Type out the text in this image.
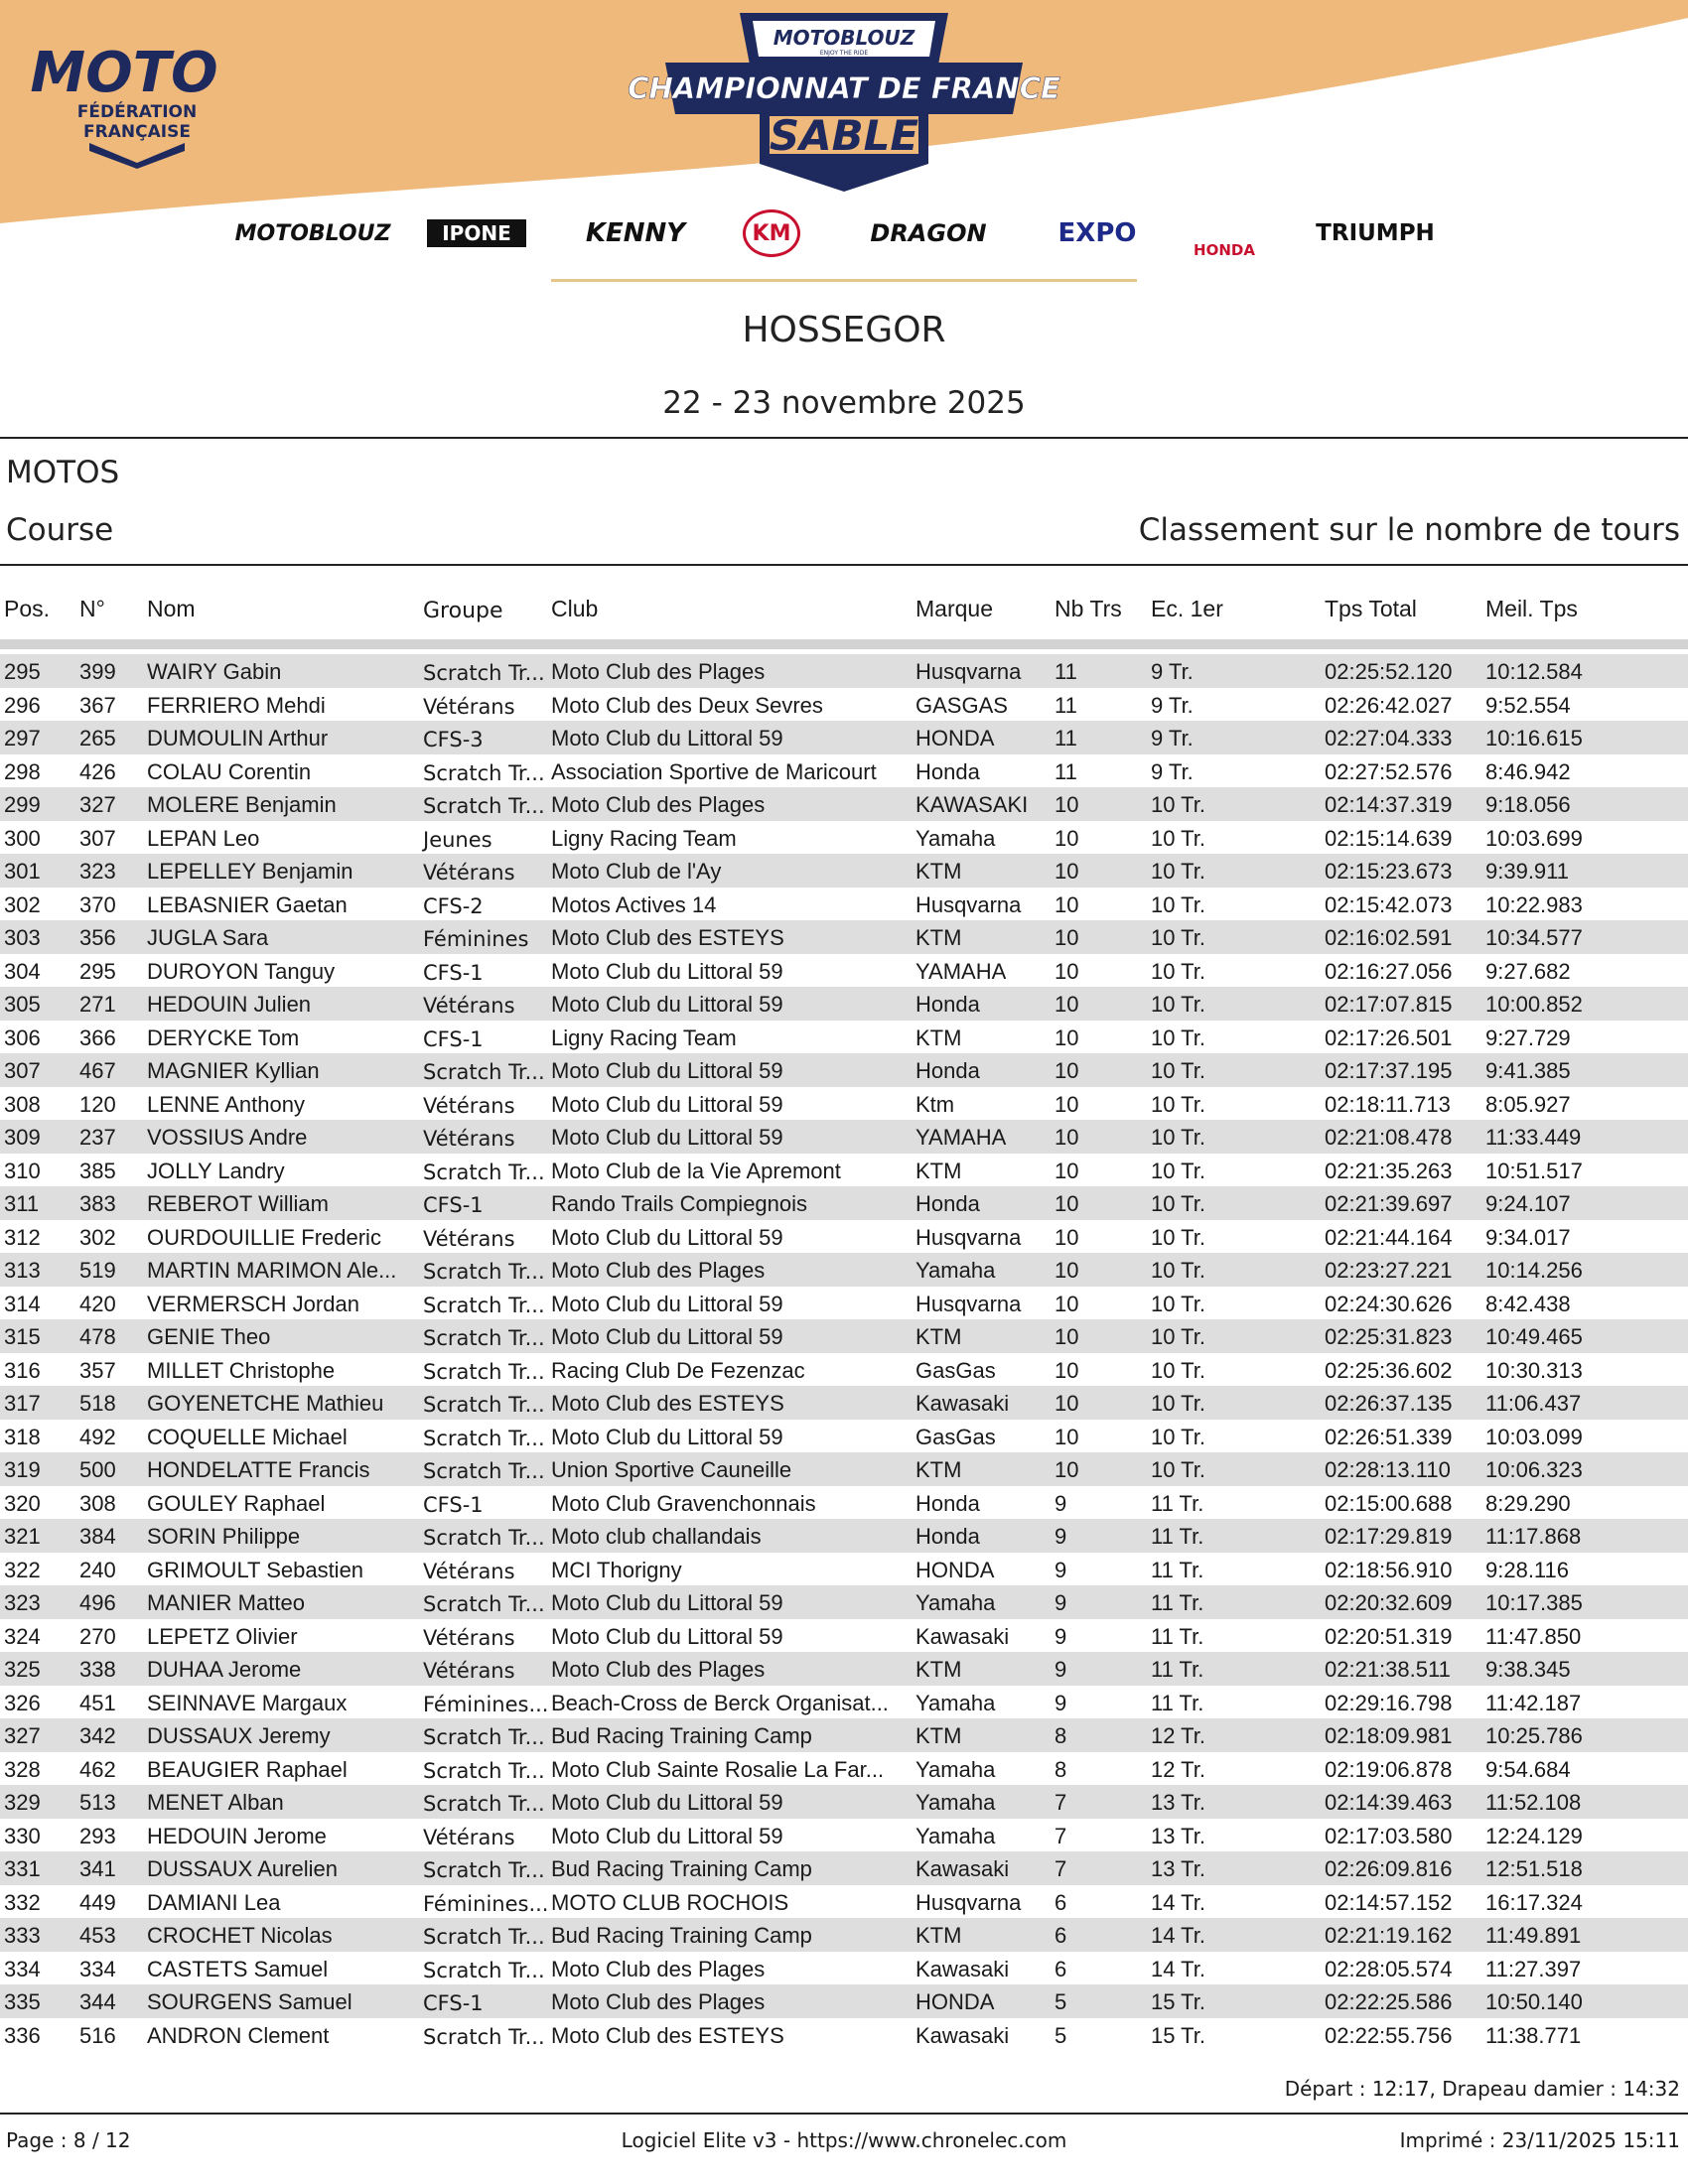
MOTO
FÉDÉRATION
FRANÇAISE
MOTOBLOUZ
ENJOY THE RIDE
CHAMPIONNAT DE FRANCE
SABLE
MOTOBLOUZ	IPONE	KENNY	KM	DRAGON	EXPO
HONDA
TRIUMPH
HOSSEGOR
22 - 23 novembre 2025
MOTOS
Course	Classement sur le nombre de tours
Pos.	N°	Nom	Groupe	Club	Marque	Nb Trs	Ec. 1er	Tps Total	Meil. Tps
295	399	WAIRY Gabin	Scratch Tr... Moto Club des Plages	Husqvarna	11	9 Tr.	02:25:52.120	10:12.584
296	367	FERRIERO Mehdi	Vétérans	Moto Club des Deux Sevres	GASGAS	11	9 Tr.	02:26:42.027	9:52.554
297	265	DUMOULIN Arthur	CFS-3	Moto Club du Littoral 59	HONDA	11	9 Tr.	02:27:04.333	10:16.615
298	426	COLAU Corentin	Scratch Tr... Association Sportive de Maricourt	Honda	11	9 Tr.	02:27:52.576	8:46.942
299	327	MOLERE Benjamin	Scratch Tr... Moto Club des Plages	KAWASAKI	10	10 Tr.	02:14:37.319	9:18.056
300	307	LEPAN Leo	Jeunes	Ligny Racing Team	Yamaha	10	10 Tr.	02:15:14.639	10:03.699
301	323	LEPELLEY Benjamin	Vétérans	Moto Club de l'Ay	KTM	10	10 Tr.	02:15:23.673	9:39.911
302	370	LEBASNIER Gaetan	CFS-2	Motos Actives 14	Husqvarna	10	10 Tr.	02:15:42.073	10:22.983
303	356	JUGLA Sara	Féminines	Moto Club des ESTEYS	KTM	10	10 Tr.	02:16:02.591	10:34.577
304	295	DUROYON Tanguy	CFS-1	Moto Club du Littoral 59	YAMAHA	10	10 Tr.	02:16:27.056	9:27.682
305	271	HEDOUIN Julien	Vétérans	Moto Club du Littoral 59	Honda	10	10 Tr.	02:17:07.815	10:00.852
306	366	DERYCKE Tom	CFS-1	Ligny Racing Team	KTM	10	10 Tr.	02:17:26.501	9:27.729
307	467	MAGNIER Kyllian	Scratch Tr... Moto Club du Littoral 59	Honda	10	10 Tr.	02:17:37.195	9:41.385
308	120	LENNE Anthony	Vétérans	Moto Club du Littoral 59	Ktm	10	10 Tr.	02:18:11.713	8:05.927
309	237	VOSSIUS Andre	Vétérans	Moto Club du Littoral 59	YAMAHA	10	10 Tr.	02:21:08.478	11:33.449
310	385	JOLLY Landry	Scratch Tr... Moto Club de la Vie Apremont	KTM	10	10 Tr.	02:21:35.263	10:51.517
311	383	REBEROT William	CFS-1	Rando Trails Compiegnois	Honda	10	10 Tr.	02:21:39.697	9:24.107
312	302	OURDOUILLIE Frederic	Vétérans	Moto Club du Littoral 59	Husqvarna	10	10 Tr.	02:21:44.164	9:34.017
313	519	MARTIN MARIMON Ale...	Scratch Tr... Moto Club des Plages	Yamaha	10	10 Tr.	02:23:27.221	10:14.256
314	420	VERMERSCH Jordan	Scratch Tr... Moto Club du Littoral 59	Husqvarna	10	10 Tr.	02:24:30.626	8:42.438
315	478	GENIE Theo	Scratch Tr... Moto Club du Littoral 59	KTM	10	10 Tr.	02:25:31.823	10:49.465
316	357	MILLET Christophe	Scratch Tr... Racing Club De Fezenzac	GasGas	10	10 Tr.	02:25:36.602	10:30.313
317	518	GOYENETCHE Mathieu	Scratch Tr... Moto Club des ESTEYS	Kawasaki	10	10 Tr.	02:26:37.135	11:06.437
318	492	COQUELLE Michael	Scratch Tr... Moto Club du Littoral 59	GasGas	10	10 Tr.	02:26:51.339	10:03.099
319	500	HONDELATTE Francis	Scratch Tr... Union Sportive Cauneille	KTM	10	10 Tr.	02:28:13.110	10:06.323
320	308	GOULEY Raphael	CFS-1	Moto Club Gravenchonnais	Honda	9	11 Tr.	02:15:00.688	8:29.290
321	384	SORIN Philippe	Scratch Tr... Moto club challandais	Honda	9	11 Tr.	02:17:29.819	11:17.868
322	240	GRIMOULT Sebastien	Vétérans	MCI Thorigny	HONDA	9	11 Tr.	02:18:56.910	9:28.116
323	496	MANIER Matteo	Scratch Tr... Moto Club du Littoral 59	Yamaha	9	11 Tr.	02:20:32.609	10:17.385
324	270	LEPETZ Olivier	Vétérans	Moto Club du Littoral 59	Kawasaki	9	11 Tr.	02:20:51.319	11:47.850
325	338	DUHAA Jerome	Vétérans	Moto Club des Plages	KTM	9	11 Tr.	02:21:38.511	9:38.345
326	451	SEINNAVE Margaux	Féminines... Beach-Cross de Berck Organisat...	Yamaha	9	11 Tr.	02:29:16.798	11:42.187
327	342	DUSSAUX Jeremy	Scratch Tr... Bud Racing Training Camp	KTM	8	12 Tr.	02:18:09.981	10:25.786
328	462	BEAUGIER Raphael	Scratch Tr... Moto Club Sainte Rosalie La Far...	Yamaha	8	12 Tr.	02:19:06.878	9:54.684
329	513	MENET Alban	Scratch Tr... Moto Club du Littoral 59	Yamaha	7	13 Tr.	02:14:39.463	11:52.108
330	293	HEDOUIN Jerome	Vétérans	Moto Club du Littoral 59	Yamaha	7	13 Tr.	02:17:03.580	12:24.129
331	341	DUSSAUX Aurelien	Scratch Tr... Bud Racing Training Camp	Kawasaki	7	13 Tr.	02:26:09.816	12:51.518
332	449	DAMIANI Lea	Féminines... MOTO CLUB ROCHOIS	Husqvarna	6	14 Tr.	02:14:57.152	16:17.324
333	453	CROCHET Nicolas	Scratch Tr... Bud Racing Training Camp	KTM	6	14 Tr.	02:21:19.162	11:49.891
334	334	CASTETS Samuel	Scratch Tr... Moto Club des Plages	Kawasaki	6	14 Tr.	02:28:05.574	11:27.397
335	344	SOURGENS Samuel	CFS-1	Moto Club des Plages	HONDA	5	15 Tr.	02:22:25.586	10:50.140
336	516	ANDRON Clement	Scratch Tr... Moto Club des ESTEYS	Kawasaki	5	15 Tr.	02:22:55.756	11:38.771
Départ : 12:17, Drapeau damier : 14:32
Page : 8 / 12	Logiciel Elite v3 - https://www.chronelec.com	Imprimé : 23/11/2025 15:11
